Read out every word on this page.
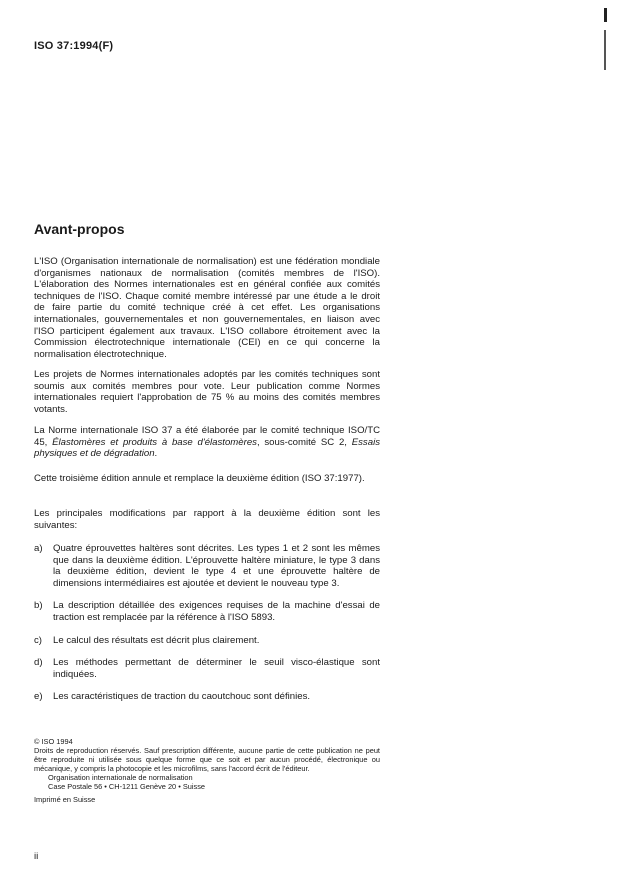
ISO 37:1994(F)
Avant-propos

L'ISO (Organisation internationale de normalisation) est une fédération mondiale d'organismes nationaux de normalisation (comités membres de l'ISO). L'élaboration des Normes internationales est en général confiée aux comités techniques de l'ISO. Chaque comité membre intéressé par une étude a le droit de faire partie du comité technique créé à cet effet. Les organisations internationales, gouvernementales et non gouvernementales, en liaison avec l'ISO participent également aux travaux. L'ISO collabore étroitement avec la Commission électrotechnique internationale (CEI) en ce qui concerne la normalisation électrotechnique.

Les projets de Normes internationales adoptés par les comités techniques sont soumis aux comités membres pour vote. Leur publication comme Normes internationales requiert l'approbation de 75 % au moins des comités membres votants.

La Norme internationale ISO 37 a été élaborée par le comité technique ISO/TC 45, Élastomères et produits à base d'élastomères, sous-comité SC 2, Essais physiques et de dégradation.

Cette troisième édition annule et remplace la deuxième édition (ISO 37:1977).

Les principales modifications par rapport à la deuxième édition sont les suivantes:

a)	Quatre éprouvettes haltères sont décrites. Les types 1 et 2 sont les mêmes que dans la deuxième édition. L'éprouvette haltère miniature, le type 3 dans la deuxième édition, devient le type 4 et une éprouvette haltère de dimensions intermédiaires est ajoutée et devient le nouveau type 3.
b)	La description détaillée des exigences requises de la machine d'essai de traction est remplacée par la référence à l'ISO 5893.
c)	Le calcul des résultats est décrit plus clairement.
d)	Les méthodes permettant de déterminer le seuil visco-élastique sont indiquées.
e)	Les caractéristiques de traction du caoutchouc sont définies.

© ISO 1994

Droits de reproduction réservés. Sauf prescription différente, aucune partie de cette publication ne peut être reproduite ni utilisée sous quelque forme que ce soit et par aucun procédé, électronique ou mécanique, y compris la photocopie et les microfilms, sans l'accord écrit de l'éditeur.

Organisation internationale de normalisation

Case Postale 56 • CH-1211 Genève 20 • Suisse

Imprimé en Suisse

ii
